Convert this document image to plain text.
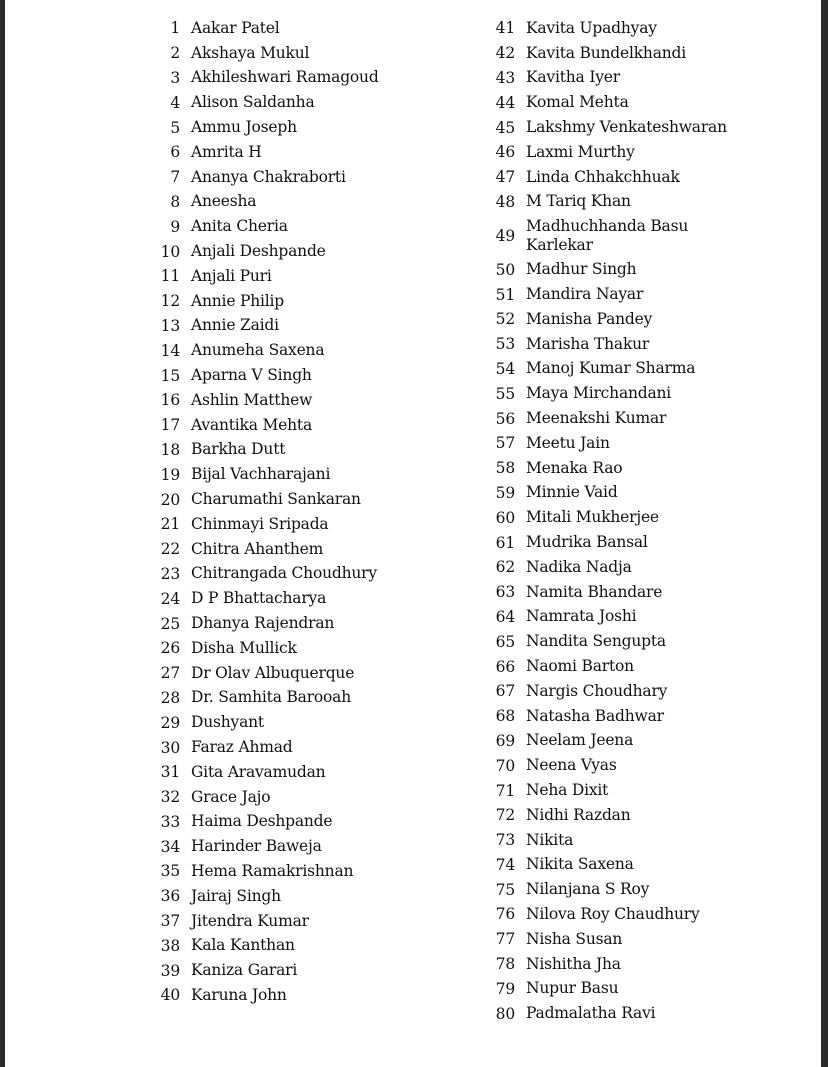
1 Aakar Patel
2 Akshaya Mukul
3 Akhileshwari Ramagoud
4 Alison Saldanha
5 Ammu Joseph
6 Amrita H
7 Ananya Chakraborti
8 Aneesha
9 Anita Cheria
10 Anjali Deshpande
11 Anjali Puri
12 Annie Philip
13 Annie Zaidi
14 Anumeha Saxena
15 Aparna V Singh
16 Ashlin Matthew
17 Avantika Mehta
18 Barkha Dutt
19 Bijal Vachharajani
20 Charumathi Sankaran
21 Chinmayi Sripada
22 Chitra Ahanthem
23 Chitrangada Choudhury
24 D P Bhattacharya
25 Dhanya Rajendran
26 Disha Mullick
27 Dr Olav Albuquerque
28 Dr. Samhita Barooah
29 Dushyant
30 Faraz Ahmad
31 Gita Aravamudan
32 Grace Jajo
33 Haima Deshpande
34 Harinder Baweja
35 Hema Ramakrishnan
36 Jairaj Singh
37 Jitendra Kumar
38 Kala Kanthan
39 Kaniza Garari
40 Karuna John
41 Kavita Upadhyay
42 Kavita Bundelkhandi
43 Kavitha Iyer
44 Komal Mehta
45 Lakshmy Venkateshwaran
46 Laxmi Murthy
47 Linda Chhakchhuak
48 M Tariq Khan
49
Madhuchhanda Basu Karlekar
50 Madhur Singh
51 Mandira Nayar
52 Manisha Pandey
53 Marisha Thakur
54 Manoj Kumar Sharma
55 Maya Mirchandani
56 Meenakshi Kumar
57 Meetu Jain
58 Menaka Rao
59 Minnie Vaid
60 Mitali Mukherjee
61 Mudrika Bansal
62 Nadika Nadja
63 Namita Bhandare
64 Namrata Joshi
65 Nandita Sengupta
66 Naomi Barton
67 Nargis Choudhary
68 Natasha Badhwar
69 Neelam Jeena
70 Neena Vyas
71 Neha Dixit
72 Nidhi Razdan
73 Nikita
74 Nikita Saxena
75 Nilanjana S Roy
76 Nilova Roy Chaudhury
77 Nisha Susan
78 Nishitha Jha
79 Nupur Basu
80 Padmalatha Ravi
